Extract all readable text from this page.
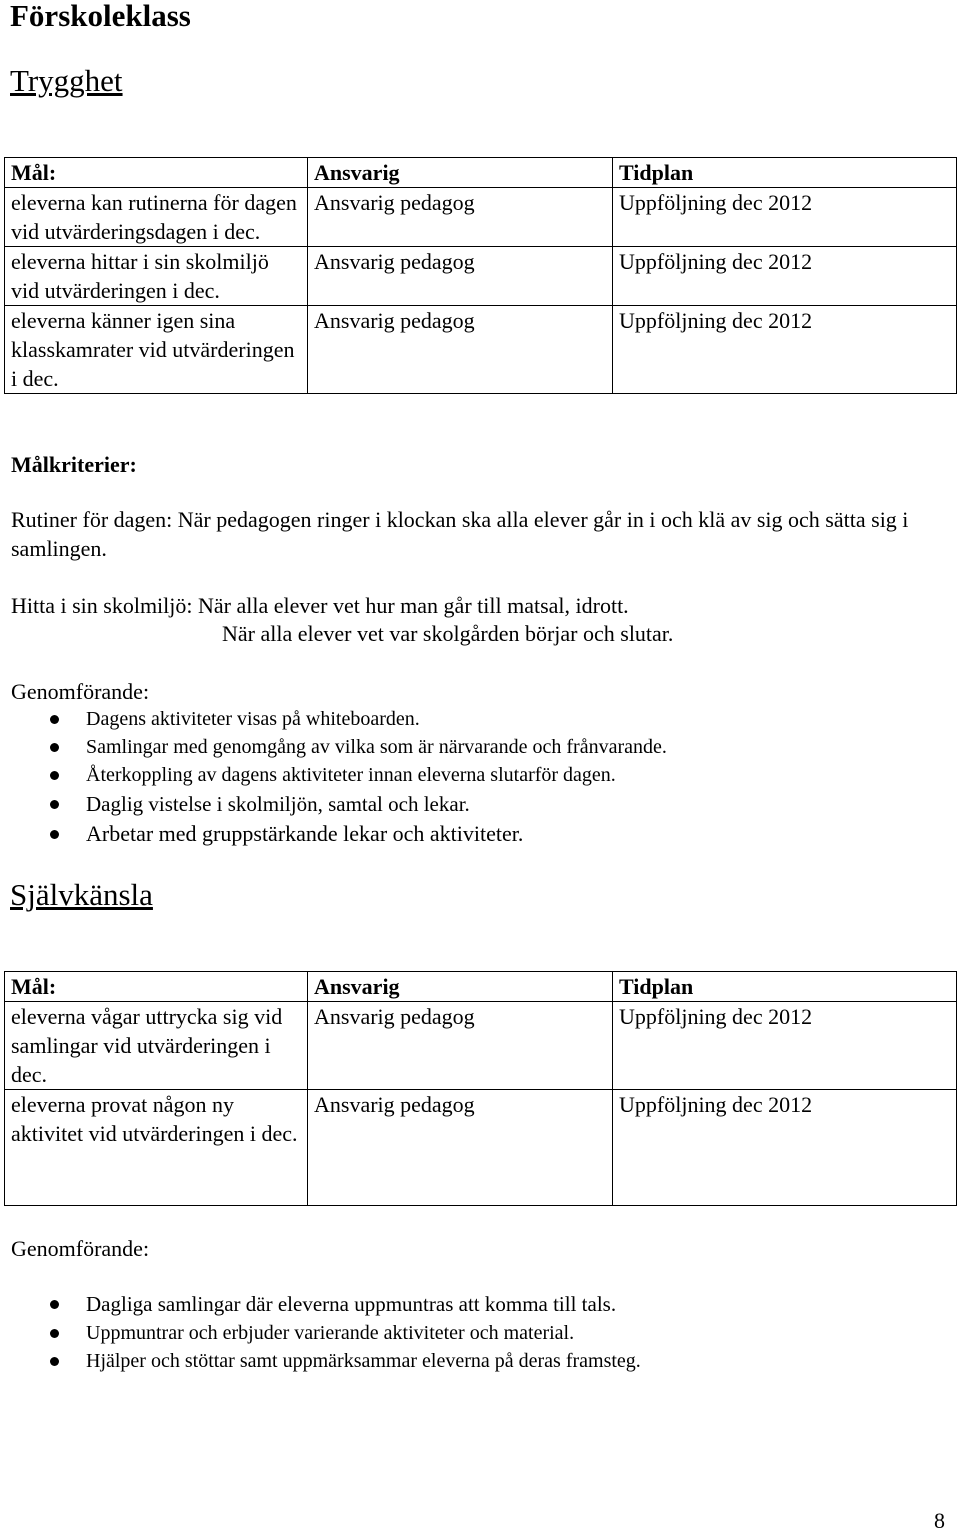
Förskoleklass
Trygghet
Mål:	Ansvarig	Tidplan
eleverna kan rutinerna för dagen vid utvärderingsdagen i dec.	Ansvarig pedagog	Uppföljning dec 2012
eleverna hittar i sin skolmiljö vid utvärderingen i dec.	Ansvarig pedagog	Uppföljning dec 2012
eleverna känner igen sina klasskamrater vid utvärderingen i dec.	Ansvarig pedagog	Uppföljning dec 2012
Målkriterier:
Rutiner för dagen: När pedagogen ringer i klockan ska alla elever går in i och klä av sig och sätta sig i samlingen.
Hitta i sin skolmiljö: När alla elever vet hur man går till matsal, idrott.
När alla elever vet var skolgården börjar och slutar.
Genomförande:
Dagens aktiviteter visas på whiteboarden.
Samlingar med genomgång av vilka som är närvarande och frånvarande.
Återkoppling av dagens aktiviteter innan eleverna slutarför dagen.
Daglig vistelse i skolmiljön, samtal och lekar.
Arbetar med gruppstärkande lekar och aktiviteter.
Självkänsla
Mål:	Ansvarig	Tidplan
eleverna vågar uttrycka sig vid samlingar vid utvärderingen i dec.	Ansvarig pedagog	Uppföljning dec 2012
eleverna provat någon ny aktivitet vid utvärderingen i dec.	Ansvarig pedagog	Uppföljning dec 2012
Genomförande:
Dagliga samlingar där eleverna uppmuntras att komma till tals.
Uppmuntrar och erbjuder varierande aktiviteter och material.
Hjälper och stöttar samt uppmärksammar eleverna på deras framsteg.
8
